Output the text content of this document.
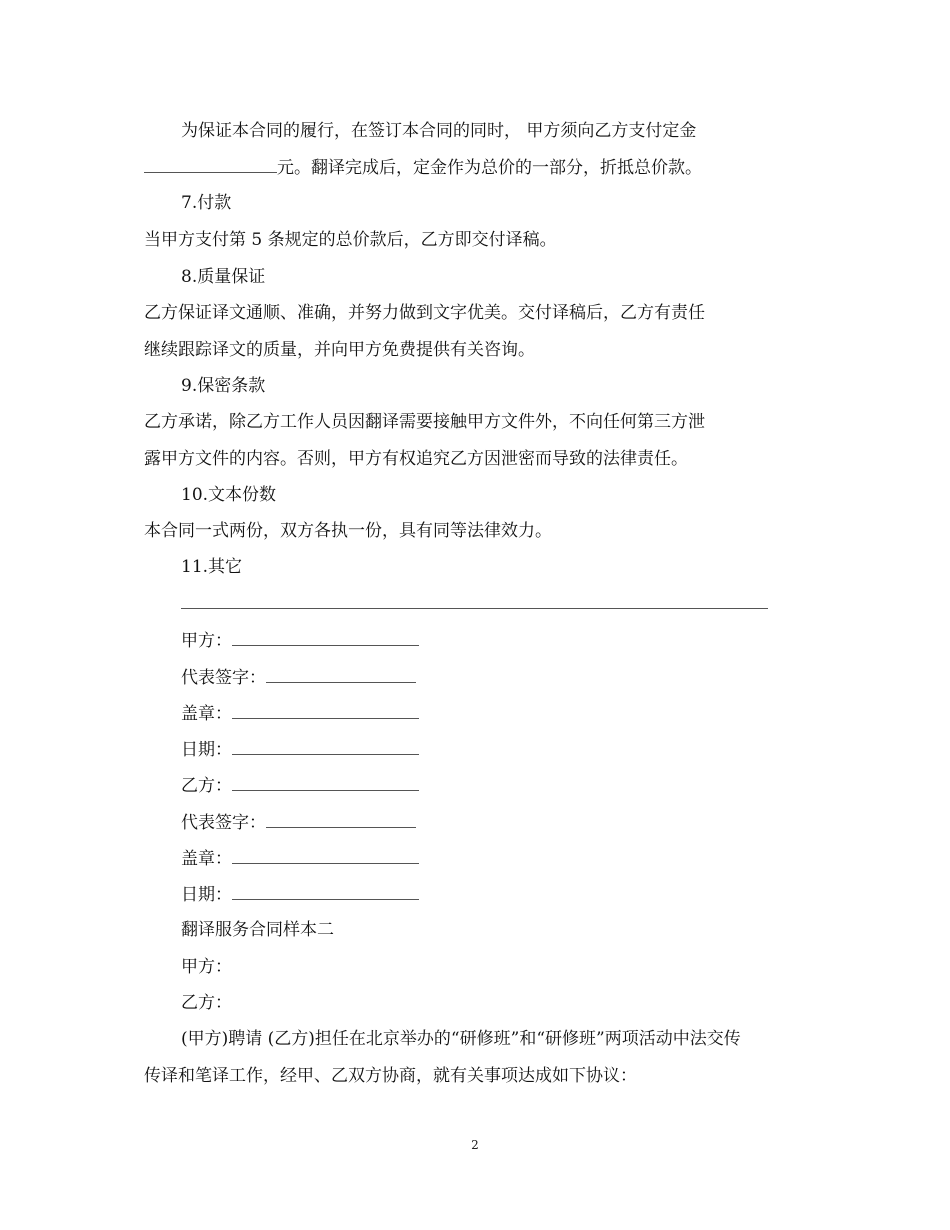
为保证本合同的履行，在签订本合同的同时， 甲方须向乙方支付定金
元。翻译完成后，定金作为总价的一部分，折抵总价款。
7.付款
当甲方支付第 5 条规定的总价款后，乙方即交付译稿。
8.质量保证
乙方保证译文通顺、准确，并努力做到文字优美。交付译稿后，乙方有责任
继续跟踪译文的质量，并向甲方免费提供有关咨询。
9.保密条款
乙方承诺，除乙方工作人员因翻译需要接触甲方文件外，不向任何第三方泄
露甲方文件的内容。否则，甲方有权追究乙方因泄密而导致的法律责任。
10.文本份数
本合同一式两份，双方各执一份，具有同等法律效力。
11.其它
甲方：
代表签字：
盖章：
日期：
乙方：
代表签字：
盖章：
日期：
翻译服务合同样本二
甲方：
乙方：
(甲方)聘请 (乙方)担任在北京举办的“研修班”和“研修班”两项活动中法交传
传译和笔译工作，经甲、乙双方协商，就有关事项达成如下协议：
2
